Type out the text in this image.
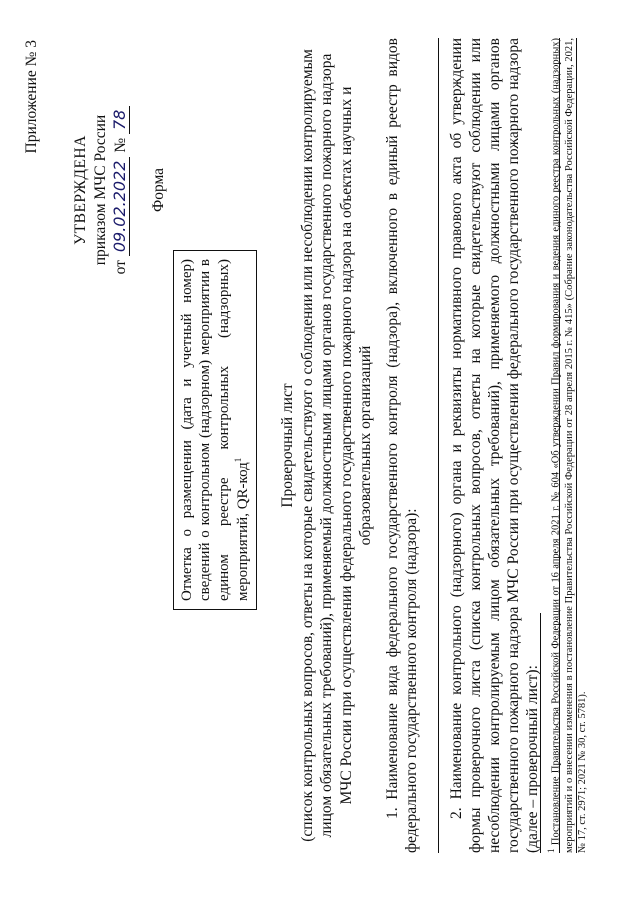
Приложение № 3
УТВЕРЖДЕНА приказом МЧС России
от 09.02.2022 № 78
Форма
Отметка о размещении (дата и учетный номер) сведений о контрольном (надзорном) мероприятии в едином реестре контрольных (надзорных) мероприятий, QR-код$^1$	Проверочный лист (список контрольных вопросов, ответы на которые свидетельствуют о соблюдении или несоблюдении контролируемым лицом обязательных требований), применяемый должностными лицами органов государственного пожарного надзора МЧС России при осуществлении федерального государственного пожарного надзора на объектах научных и образовательных организаций 1. Наименование вида федерального государственного контроля (надзора), включенного в единый реестр видов федерального государственного контроля (надзора): 2. Наименование контрольного (надзорного) органа и реквизиты нормативного правового акта об утверждении формы проверочного листа (списка контрольных вопросов, ответы на которые свидетельствуют соблюдении или несоблюдении контролируемым лицом обязательных требований), применяемого должностными лицами органов государственного пожарного надзора МЧС России при осуществлении федерального государственного пожарного надзора (далее – проверочный лист): $^1$ Постановление Правительства Российской Федерации от 16 апреля 2021 г. № 604 «Об утверждении Правил формирования и ведения единого реестра контрольных (надзорных) мероприятий и о внесении изменения в постановление Правительства Российской Федерации от 28 апреля 2015 г. № 415» (Собрание законодательства Российской Федерации, 2021, № 17, ст. 2971; 2021 № 30, ст. 5781).
